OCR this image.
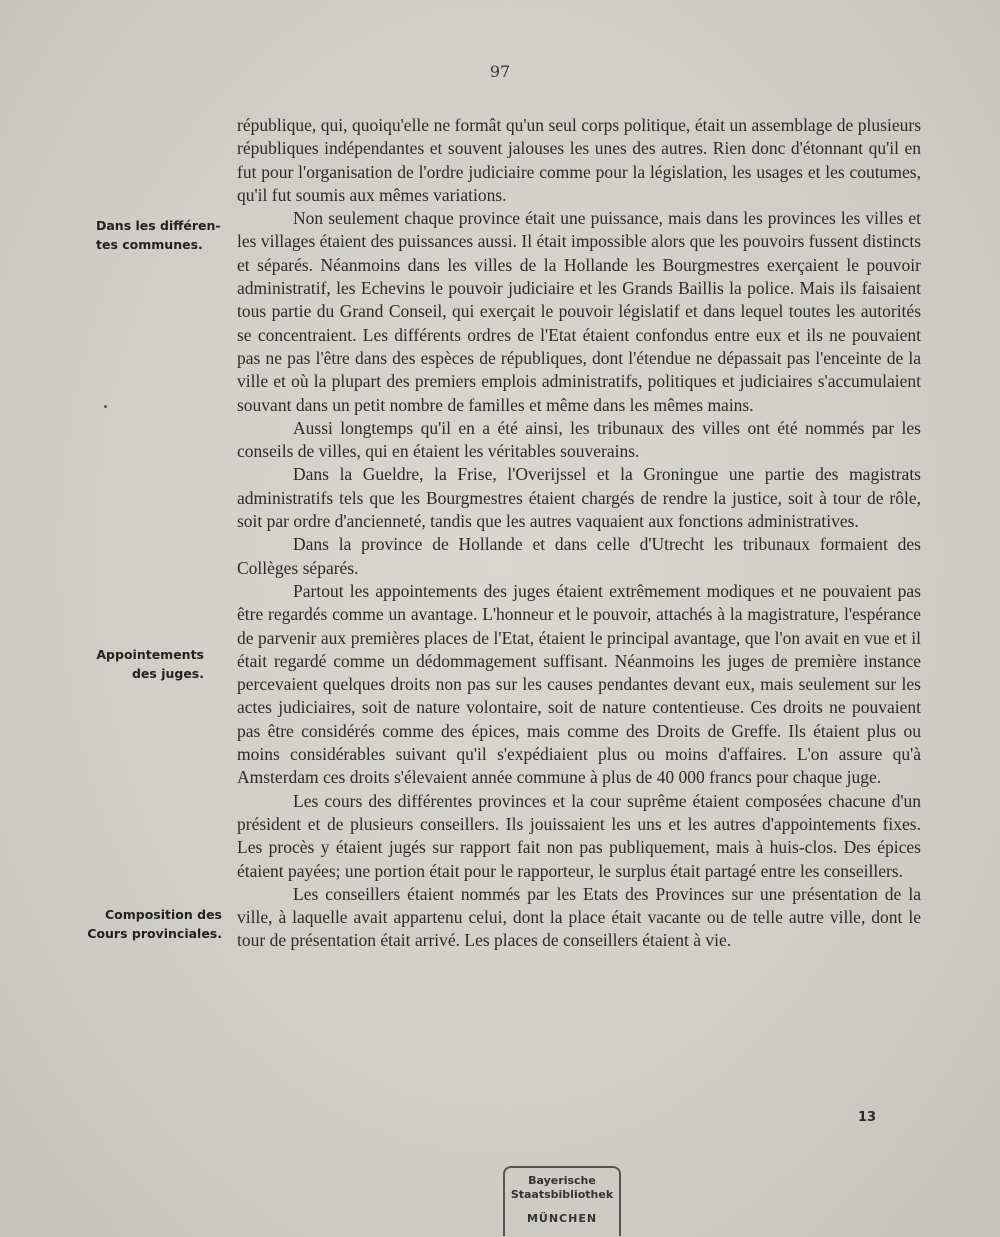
97
Dans les différen-
tes communes.
Appointements
des juges.
Composition des
Cours provinciales.

république, qui, quoiqu'elle ne formât qu'un seul corps politique, était un assemblage de plusieurs républiques indépendantes et souvent jalouses les unes des autres. Rien donc d'étonnant qu'il en fut pour l'organisation de l'ordre judiciaire comme pour la législation, les usages et les coutumes, qu'il fut soumis aux mêmes variations.

Non seulement chaque province était une puissance, mais dans les provinces les villes et les villages étaient des puissances aussi. Il était impossible alors que les pouvoirs fussent distincts et séparés. Néanmoins dans les villes de la Hollande les Bourgmestres exerçaient le pouvoir administratif, les Echevins le pouvoir judiciaire et les Grands Baillis la police. Mais ils faisaient tous partie du Grand Conseil, qui exerçait le pouvoir législatif et dans lequel toutes les autorités se concentraient. Les différents ordres de l'Etat étaient confondus entre eux et ils ne pouvaient pas ne pas l'être dans des espèces de républiques, dont l'étendue ne dépassait pas l'enceinte de la ville et où la plupart des premiers emplois administratifs, politiques et judiciaires s'accumulaient souvant dans un petit nombre de familles et même dans les mêmes mains.

Aussi longtemps qu'il en a été ainsi, les tribunaux des villes ont été nommés par les conseils de villes, qui en étaient les véritables souverains.

Dans la Gueldre, la Frise, l'Overijssel et la Groningue une partie des magistrats administratifs tels que les Bourgmestres étaient chargés de rendre la justice, soit à tour de rôle, soit par ordre d'ancienneté, tandis que les autres vaquaient aux fonctions administratives.

Dans la province de Hollande et dans celle d'Utrecht les tribunaux formaient des Collèges séparés.

Partout les appointements des juges étaient extrêmement modiques et ne pouvaient pas être regardés comme un avantage. L'honneur et le pouvoir, attachés à la magistrature, l'espérance de parvenir aux premières places de l'Etat, étaient le principal avantage, que l'on avait en vue et il était regardé comme un dédommagement suffisant. Néanmoins les juges de première instance percevaient quelques droits non pas sur les causes pendantes devant eux, mais seulement sur les actes judiciaires, soit de nature volontaire, soit de nature contentieuse. Ces droits ne pouvaient pas être considérés comme des épices, mais comme des Droits de Greffe. Ils étaient plus ou moins considérables suivant qu'il s'expédiaient plus ou moins d'affaires. L'on assure qu'à Amsterdam ces droits s'élevaient année commune à plus de 40 000 francs pour chaque juge.

Les cours des différentes provinces et la cour suprême étaient composées chacune d'un président et de plusieurs conseillers. Ils jouissaient les uns et les autres d'appointements fixes. Les procès y étaient jugés sur rapport fait non pas publiquement, mais à huis-clos. Des épices étaient payées; une portion était pour le rapporteur, le surplus était partagé entre les conseillers.

Les conseillers étaient nommés par les Etats des Provinces sur une présentation de la ville, à laquelle avait appartenu celui, dont la place était vacante ou de telle autre ville, dont le tour de présentation était arrivé. Les places de conseillers étaient à vie.

13
Bayerische
Staatsbibliothek
MÜNCHEN
